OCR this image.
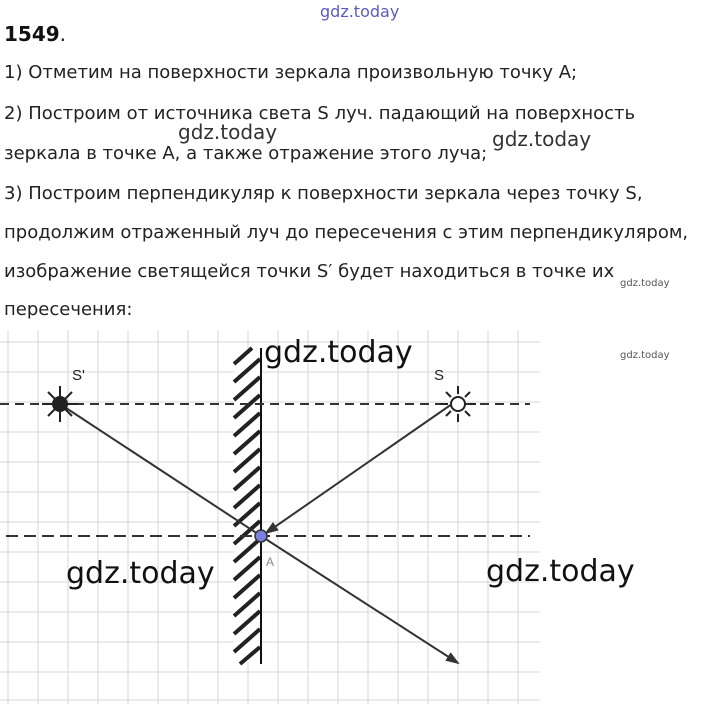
gdz.today
1549.
1) Отметим на поверхности зеркала произвольную точку A;
2) Построим от источника света S луч. падающий на поверхность
зеркала в точке A, а также отражение этого луча;
3) Построим перпендикуляр к поверхности зеркала через точку S,
продолжим отраженный луч до пересечения с этим перпендикуляром,
изображение светящейся точки S′ будет находиться в точке их
пересечения:
gdz.today	gdz.today
gdz.today
gdz.today
S'	S
A
gdz.today
gdz.today	gdz.today
